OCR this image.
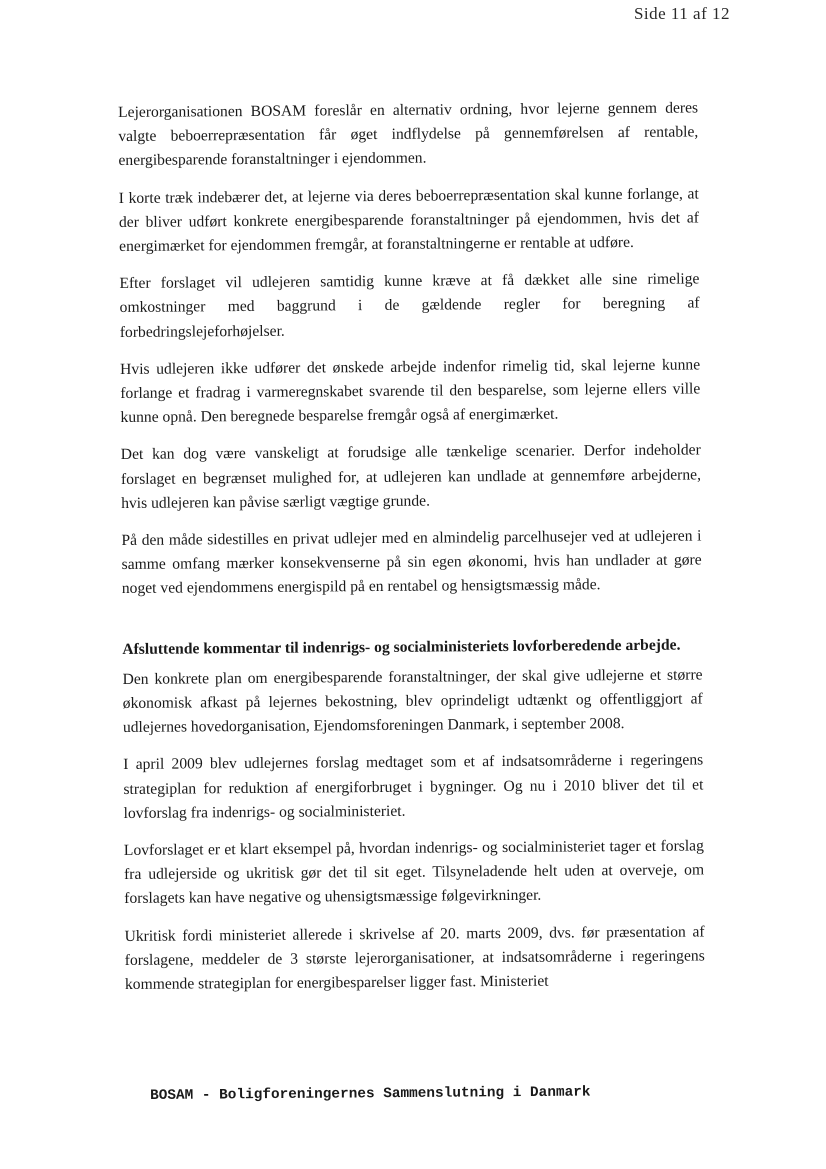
Side 11 af 12

Lejerorganisationen BOSAM foreslår en alternativ ordning, hvor lejerne gennem deres valgte beboerrepræsentation får øget indflydelse på gennemførelsen af rentable, energibesparende foranstaltninger i ejendommen.

I korte træk indebærer det, at lejerne via deres beboerrepræsentation skal kunne forlange, at der bliver udført konkrete energibesparende foranstaltninger på ejendommen, hvis det af energimærket for ejendommen fremgår, at foranstaltningerne er rentable at udføre.

Efter forslaget vil udlejeren samtidig kunne kræve at få dækket alle sine rimelige omkostninger med baggrund i de gældende regler for beregning af forbedringslejeforhøjelser.

Hvis udlejeren ikke udfører det ønskede arbejde indenfor rimelig tid, skal lejerne kunne forlange et fradrag i varmeregnskabet svarende til den besparelse, som lejerne ellers ville kunne opnå. Den beregnede besparelse fremgår også af energimærket.

Det kan dog være vanskeligt at forudsige alle tænkelige scenarier. Derfor indeholder forslaget en begrænset mulighed for, at udlejeren kan undlade at gennemføre arbejderne, hvis udlejeren kan påvise særligt vægtige grunde.

På den måde sidestilles en privat udlejer med en almindelig parcelhusejer ved at udlejeren i samme omfang mærker konsekvenserne på sin egen økonomi, hvis han undlader at gøre noget ved ejendommens energispild på en rentabel og hensigtsmæssig måde.

Afsluttende kommentar til indenrigs- og socialministeriets lovforberedende arbejde.

Den konkrete plan om energibesparende foranstaltninger, der skal give udlejerne et større økonomisk afkast på lejernes bekostning, blev oprindeligt udtænkt og offentliggjort af udlejernes hovedorganisation, Ejendomsforeningen Danmark, i september 2008.

I april 2009 blev udlejernes forslag medtaget som et af indsatsområderne i regeringens strategiplan for reduktion af energiforbruget i bygninger. Og nu i 2010 bliver det til et lovforslag fra indenrigs- og socialministeriet.

Lovforslaget er et klart eksempel på, hvordan indenrigs- og socialministeriet tager et forslag fra udlejerside og ukritisk gør det til sit eget. Tilsyneladende helt uden at overveje, om forslagets kan have negative og uhensigtsmæssige følgevirkninger.

Ukritisk fordi ministeriet allerede i skrivelse af 20. marts 2009, dvs. før præsentation af forslagene, meddeler de 3 største lejerorganisationer, at indsatsområderne i regeringens kommende strategiplan for energibesparelser ligger fast. Ministeriet

BOSAM - Boligforeningernes Sammenslutning i Danmark
